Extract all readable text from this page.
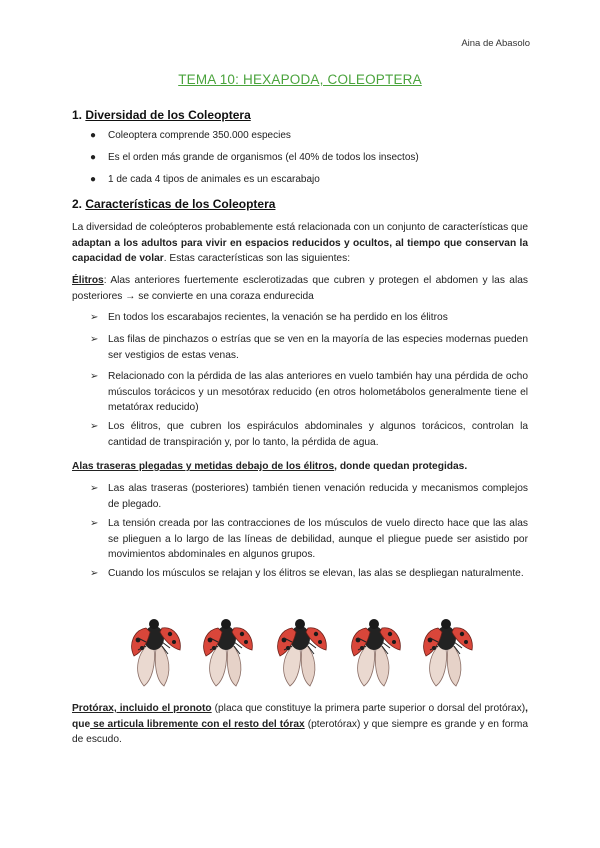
Aina de Abasolo
TEMA 10: HEXAPODA, COLEOPTERA
1. Diversidad de los Coleoptera
● Coleoptera comprende 350.000 especies
● Es el orden más grande de organismos (el 40% de todos los insectos)
● 1 de cada 4 tipos de animales es un escarabajo
2. Características de los Coleoptera
La diversidad de coleópteros probablemente está relacionada con un conjunto de características que adaptan a los adultos para vivir en espacios reducidos y ocultos, al tiempo que conservan la capacidad de volar. Estas características son las siguientes:
Élitros: Alas anteriores fuertemente esclerotizadas que cubren y protegen el abdomen y las alas posteriores → se convierte en una coraza endurecida
➢ En todos los escarabajos recientes, la venación se ha perdido en los élitros
➢ Las filas de pinchazos o estrías que se ven en la mayoría de las especies modernas pueden ser vestigios de estas venas.
➢ Relacionado con la pérdida de las alas anteriores en vuelo también hay una pérdida de ocho músculos torácicos y un mesotórax reducido (en otros holometábolos generalmente tiene el metatórax reducido)
➢ Los élitros, que cubren los espiráculos abdominales y algunos torácicos, controlan la cantidad de transpiración y, por lo tanto, la pérdida de agua.
Alas traseras plegadas y metidas debajo de los élitros, donde quedan protegidas.
➢ Las alas traseras (posteriores) también tienen venación reducida y mecanismos complejos de plegado.
➢ La tensión creada por las contracciones de los músculos de vuelo directo hace que las alas se plieguen a lo largo de las líneas de debilidad, aunque el pliegue puede ser asistido por movimientos abdominales en algunos grupos.
➢ Cuando los músculos se relajan y los élitros se elevan, las alas se despliegan naturalmente.
Protórax, incluido el pronoto (placa que constituye la primera parte superior o dorsal del protórax), que se articula libremente con el resto del tórax (pterotórax) y que siempre es grande y en forma de escudo.
